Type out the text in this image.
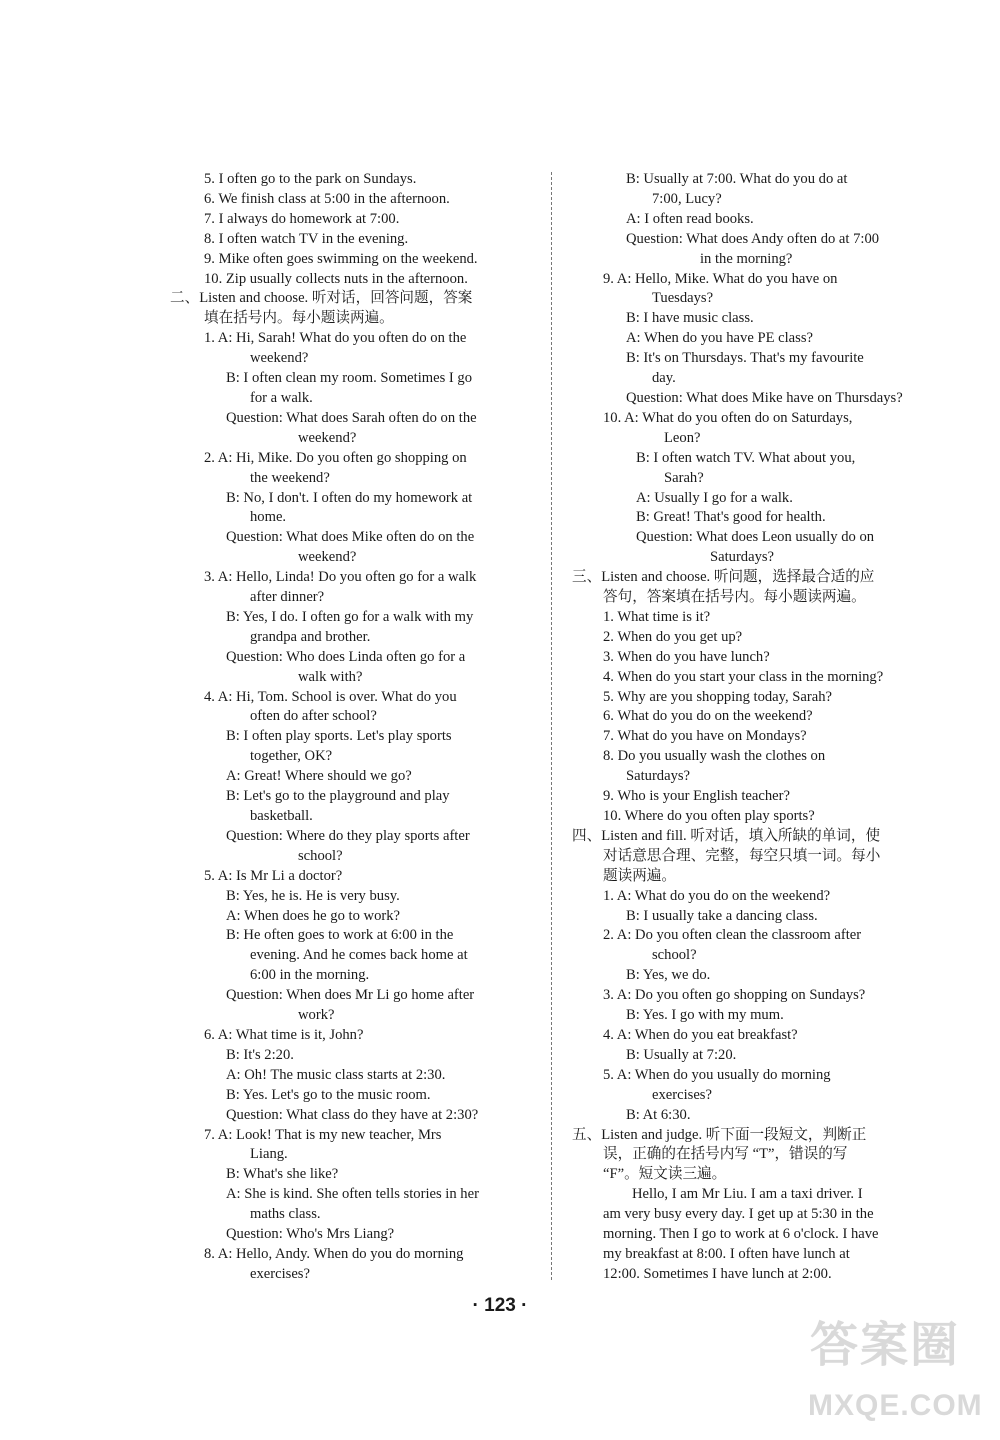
5. I often go to the park on Sundays.
6. We finish class at 5:00 in the afternoon.
7. I always do homework at 7:00.
8. I often watch TV in the evening.
9. Mike often goes swimming on the weekend.
10. Zip usually collects nuts in the afternoon.
二、Listen and choose. 听对话，回答问题，答案
填在括号内。每小题读两遍。
1. A: Hi, Sarah! What do you often do on the
weekend?
B: I often clean my room. Sometimes I go
for a walk.
Question: What does Sarah often do on the
weekend?
2. A: Hi, Mike. Do you often go shopping on
the weekend?
B: No, I don't. I often do my homework at
home.
Question: What does Mike often do on the
weekend?
3. A: Hello, Linda! Do you often go for a walk
after dinner?
B: Yes, I do. I often go for a walk with my
grandpa and brother.
Question: Who does Linda often go for a
walk with?
4. A: Hi, Tom. School is over. What do you
often do after school?
B: I often play sports. Let's play sports
together, OK?
A: Great! Where should we go?
B: Let's go to the playground and play
basketball.
Question: Where do they play sports after
school?
5. A: Is Mr Li a doctor?
B: Yes, he is. He is very busy.
A: When does he go to work?
B: He often goes to work at 6:00 in the
evening. And he comes back home at
6:00 in the morning.
Question: When does Mr Li go home after
work?
6. A: What time is it, John?
B: It's 2:20.
A: Oh! The music class starts at 2:30.
B: Yes. Let's go to the music room.
Question: What class do they have at 2:30?
7. A: Look! That is my new teacher, Mrs
Liang.
B: What's she like?
A: She is kind. She often tells stories in her
maths class.
Question: Who's Mrs Liang?
8. A: Hello, Andy. When do you do morning
exercises?
B: Usually at 7:00. What do you do at
7:00, Lucy?
A: I often read books.
Question: What does Andy often do at 7:00
in the morning?
9. A: Hello, Mike. What do you have on
Tuesdays?
B: I have music class.
A: When do you have PE class?
B: It's on Thursdays. That's my favourite
day.
Question: What does Mike have on Thursdays?
10. A: What do you often do on Saturdays,
Leon?
B: I often watch TV. What about you,
Sarah?
A: Usually I go for a walk.
B: Great! That's good for health.
Question: What does Leon usually do on
Saturdays?
三、Listen and choose. 听问题，选择最合适的应
答句，答案填在括号内。每小题读两遍。
1. What time is it?
2. When do you get up?
3. When do you have lunch?
4. When do you start your class in the morning?
5. Why are you shopping today, Sarah?
6. What do you do on the weekend?
7. What do you have on Mondays?
8. Do you usually wash the clothes on
Saturdays?
9. Who is your English teacher?
10. Where do you often play sports?
四、Listen and fill. 听对话，填入所缺的单词，使
对话意思合理、完整，每空只填一词。每小
题读两遍。
1. A: What do you do on the weekend?
B: I usually take a dancing class.
2. A: Do you often clean the classroom after
school?
B: Yes, we do.
3. A: Do you often go shopping on Sundays?
B: Yes. I go with my mum.
4. A: When do you eat breakfast?
B: Usually at 7:20.
5. A: When do you usually do morning
exercises?
B: At 6:30.
五、Listen and judge. 听下面一段短文，判断正
误，正确的在括号内写 “T”，错误的写
“F”。短文读三遍。
Hello, I am Mr Liu. I am a taxi driver. I
am very busy every day. I get up at 5:30 in the
morning. Then I go to work at 6 o'clock. I have
my breakfast at 8:00. I often have lunch at
12:00. Sometimes I have lunch at 2:00.
· 123 ·
答案圈
MXQE.COM
